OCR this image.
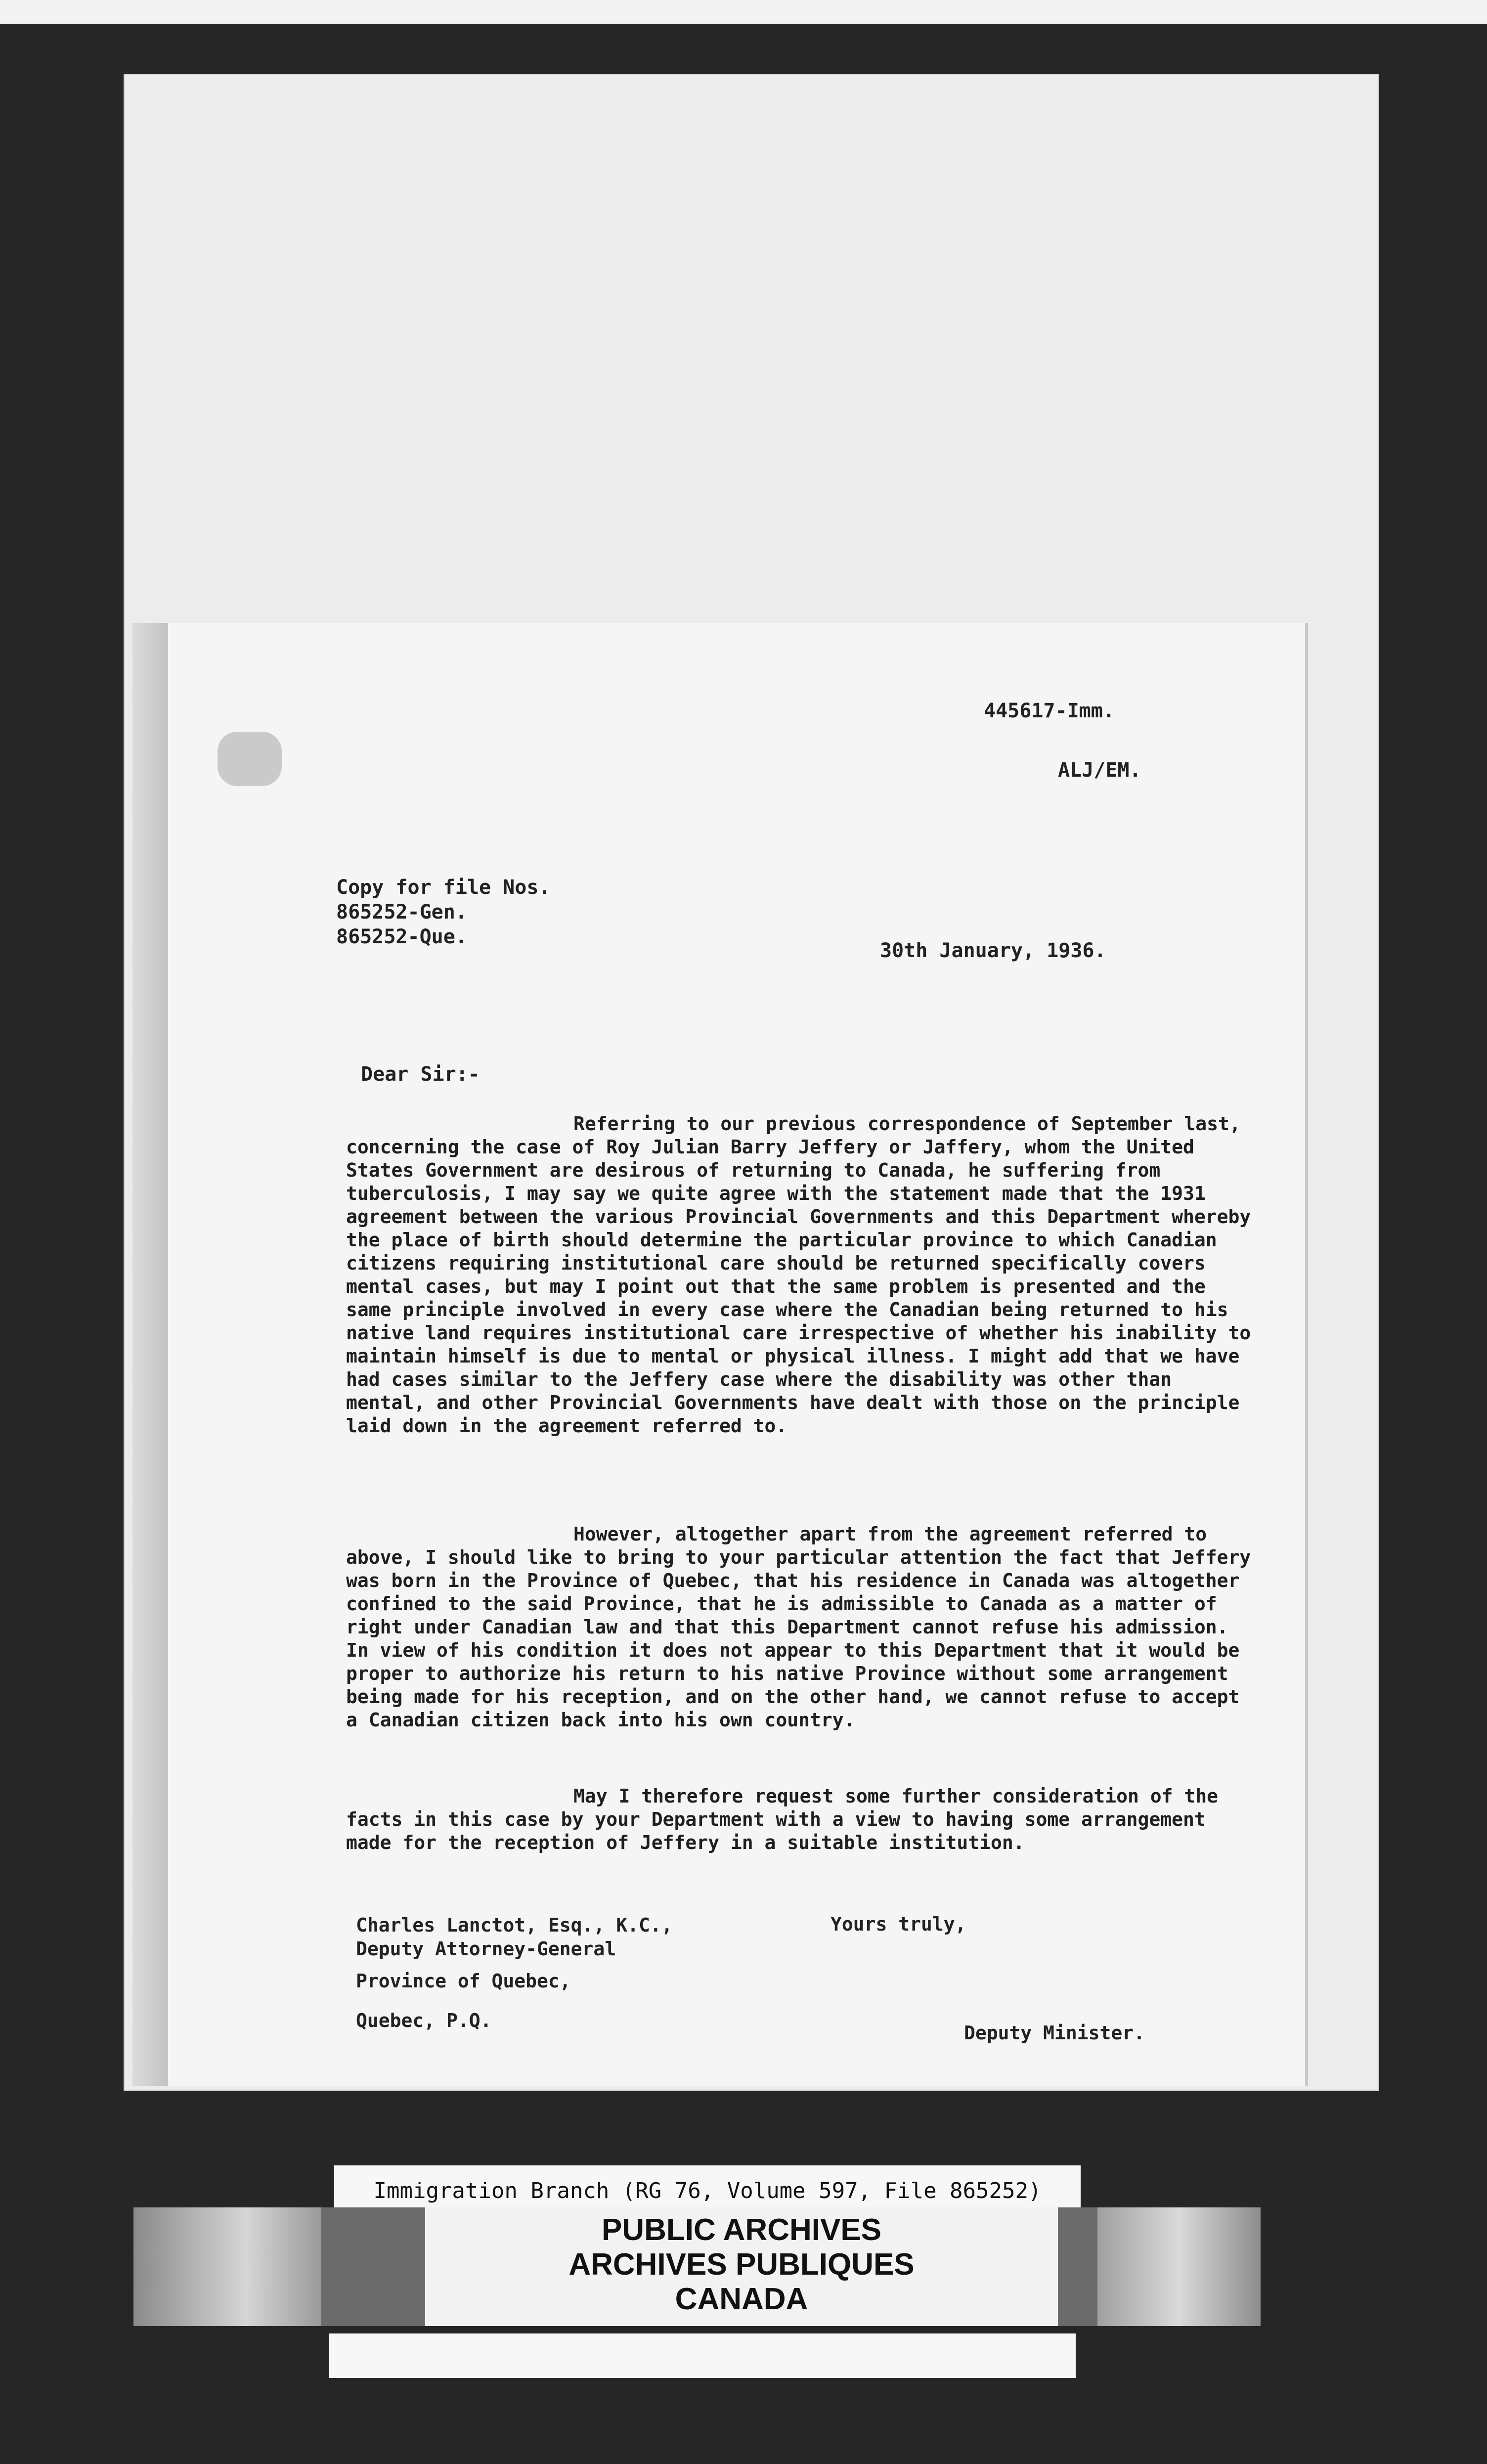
445617-Imm.
ALJ/EM.
Copy for file Nos.
865252-Gen.
865252-Que.
30th January, 1936.
Dear Sir:-
Referring to our previous correspondence of September last, concerning the case of Roy Julian Barry Jeffery or Jaffery, whom the United States Government are desirous of returning to Canada, he suffering from tuberculosis, I may say we quite agree with the statement made that the 1931 agreement between the various Provincial Governments and this Department whereby the place of birth should determine the particular province to which Canadian citizens requiring institutional care should be returned specifically covers mental cases, but may I point out that the same problem is presented and the same principle involved in every case where the Canadian being returned to his native land requires institutional care irrespective of whether his inability to maintain himself is due to mental or physical illness. I might add that we have had cases similar to the Jeffery case where the disability was other than mental, and other Provincial Governments have dealt with those on the principle laid down in the agreement referred to.
However, altogether apart from the agreement referred to above, I should like to bring to your particular attention the fact that Jeffery was born in the Province of Quebec, that his residence in Canada was altogether confined to the said Province, that he is admissible to Canada as a matter of right under Canadian law and that this Department cannot refuse his admission. In view of his condition it does not appear to this Department that it would be proper to authorize his return to his native Province without some arrangement being made for his reception, and on the other hand, we cannot refuse to accept a Canadian citizen back into his own country.
May I therefore request some further consideration of the facts in this case by your Department with a view to having some arrangement made for the reception of Jeffery in a suitable institution.
Charles Lanctot, Esq., K.C.,
Deputy Attorney-General
Province of Quebec,
Quebec, P.Q.
Yours truly,
Deputy Minister.
Immigration Branch (RG 76, Volume 597, File 865252)
PUBLIC ARCHIVES
ARCHIVES PUBLIQUES
CANADA
